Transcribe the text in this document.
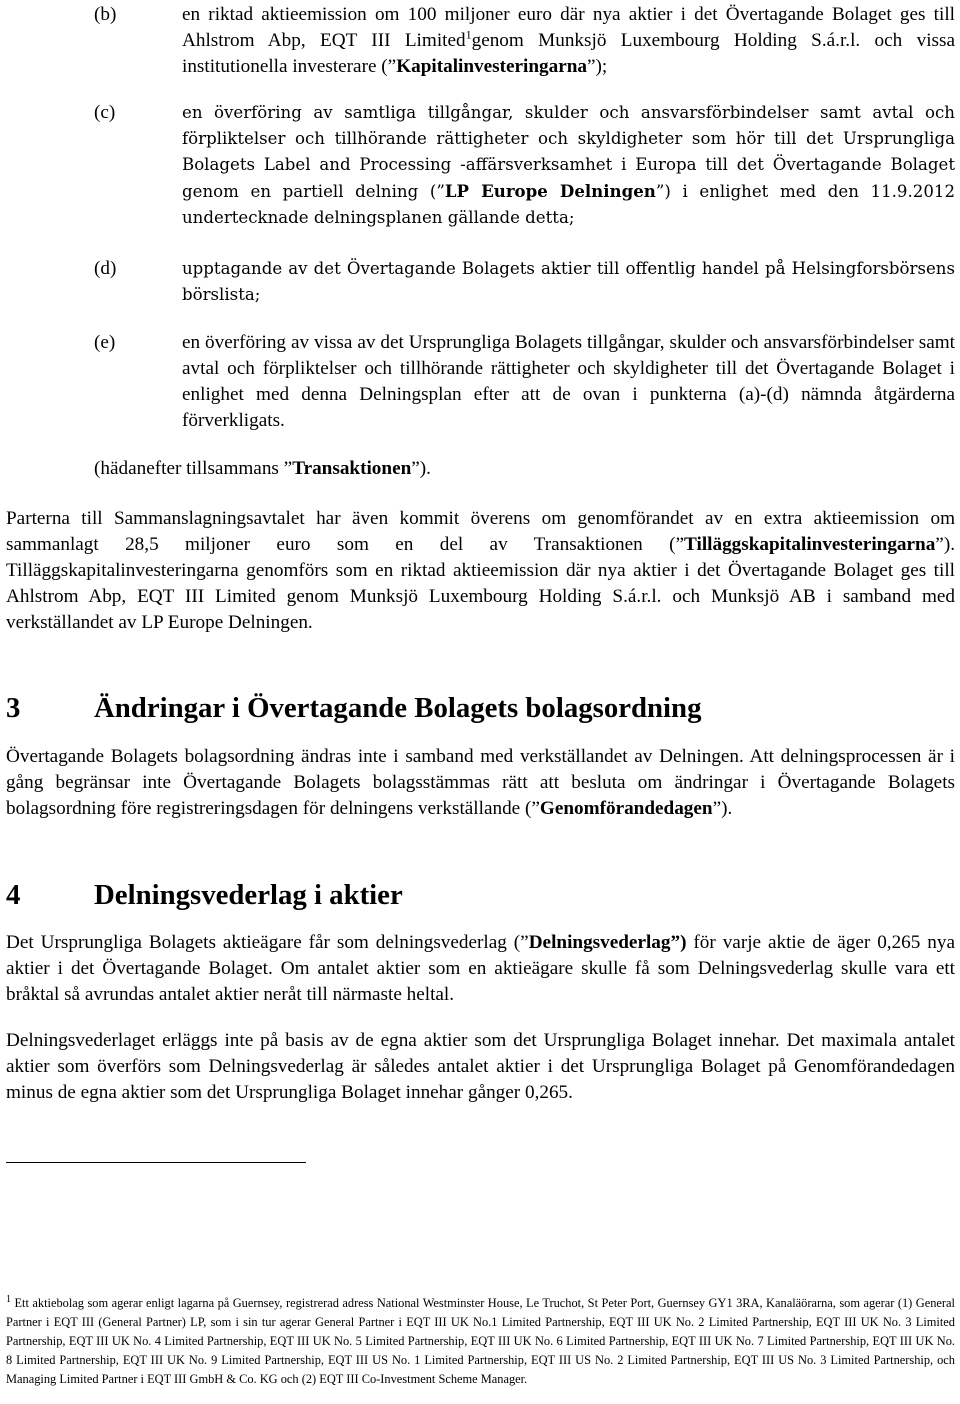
(b)	en riktad aktieemission om 100 miljoner euro där nya aktier i det Övertagande Bolaget ges till Ahlstrom Abp, EQT III Limited$^1$genom Munksjö Luxembourg Holding S.á.r.l. och vissa institutionella investerare (”Kapitalinvesteringarna”);

(c)	en överföring av samtliga tillgångar, skulder och ansvarsförbindelser samt avtal och förpliktelser och tillhörande rättigheter och skyldigheter som hör till det Ursprungliga Bolagets Label and Processing -affärsverksamhet i Europa till det Övertagande Bolaget genom en partiell delning (”LP Europe Delningen”) i enlighet med den 11.9.2012 undertecknade delningsplanen gällande detta;

(d)	upptagande av det Övertagande Bolagets aktier till offentlig handel på Helsingforsbörsens börslista;

(e)	en överföring av vissa av det Ursprungliga Bolagets tillgångar, skulder och ansvarsförbindelser samt avtal och förpliktelser och tillhörande rättigheter och skyldigheter till det Övertagande Bolaget i enlighet med denna Delningsplan efter att de ovan i punkterna (a)-(d) nämnda åtgärderna förverkligats.

(hädanefter tillsammans ”Transaktionen”).

Parterna till Sammanslagningsavtalet har även kommit överens om genomförandet av en extra aktieemission om sammanlagt 28,5 miljoner euro som en del av Transaktionen (”Tilläggskapitalinvesteringarna”). Tilläggskapitalinvesteringarna genomförs som en riktad aktieemission där nya aktier i det Övertagande Bolaget ges till Ahlstrom Abp, EQT III Limited genom Munksjö Luxembourg Holding S.á.r.l. och Munksjö AB i samband med verkställandet av LP Europe Delningen.

3	Ändringar i Övertagande Bolagets bolagsordning

Övertagande Bolagets bolagsordning ändras inte i samband med verkställandet av Delningen. Att delningsprocessen är i gång begränsar inte Övertagande Bolagets bolagsstämmas rätt att besluta om ändringar i Övertagande Bolagets bolagsordning före registreringsdagen för delningens verkställande (”Genomförandedagen”).

4	Delningsvederlag i aktier

Det Ursprungliga Bolagets aktieägare får som delningsvederlag (”Delningsvederlag”) för varje aktie de äger 0,265 nya aktier i det Övertagande Bolaget. Om antalet aktier som en aktieägare skulle få som Delningsvederlag skulle vara ett bråktal så avrundas antalet aktier neråt till närmaste heltal.

Delningsvederlaget erläggs inte på basis av de egna aktier som det Ursprungliga Bolaget innehar. Det maximala antalet aktier som överförs som Delningsvederlag är således antalet aktier i det Ursprungliga Bolaget på Genomförandedagen minus de egna aktier som det Ursprungliga Bolaget innehar gånger 0,265.

$^1$ Ett aktiebolag som agerar enligt lagarna på Guernsey, registrerad adress National Westminster House, Le Truchot, St Peter Port, Guernsey GY1 3RA, Kanaläörarna, som agerar (1) General Partner i EQT III (General Partner) LP, som i sin tur agerar General Partner i EQT III UK No.1 Limited Partnership, EQT III UK No. 2 Limited Partnership, EQT III UK No. 3 Limited Partnership, EQT III UK No. 4 Limited Partnership, EQT III UK No. 5 Limited Partnership, EQT III UK No. 6 Limited Partnership, EQT III UK No. 7 Limited Partnership, EQT III UK No. 8 Limited Partnership, EQT III UK No. 9 Limited Partnership, EQT III US No. 1 Limited Partnership, EQT III US No. 2 Limited Partnership, EQT III US No. 3 Limited Partnership, och Managing Limited Partner i EQT III GmbH & Co. KG och (2) EQT III Co-Investment Scheme Manager.
